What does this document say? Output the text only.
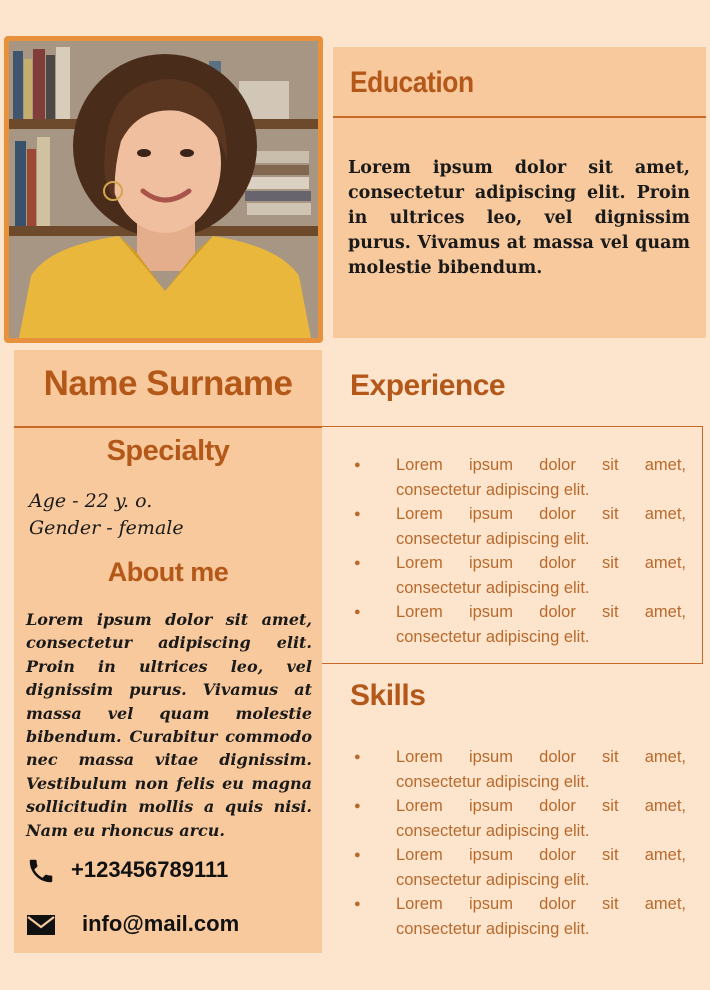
Education
Lorem ipsum dolor sit amet, consectetur adipiscing elit. Proin in ultrices leo, vel dignissim purus. Vivamus at massa vel quam molestie bibendum.
Name Surname
Specialty
Age - 22 y. o.
Gender - female
About me
Lorem ipsum dolor sit amet, consectetur adipiscing elit. Proin in ultrices leo, vel dignissim purus. Vivamus at massa vel quam molestie bibendum. Curabitur commodo nec massa vitae dignissim. Vestibulum non felis eu magna sollicitudin mollis a quis nisi. Nam eu rhoncus arcu.
+123456789111
info@mail.com
Experience
● Lorem ipsum dolor sit amet, consectetur adipiscing elit.
● Lorem ipsum dolor sit amet, consectetur adipiscing elit.
● Lorem ipsum dolor sit amet, consectetur adipiscing elit.
● Lorem ipsum dolor sit amet, consectetur adipiscing elit.
Skills
● Lorem ipsum dolor sit amet, consectetur adipiscing elit.
● Lorem ipsum dolor sit amet, consectetur adipiscing elit.
● Lorem ipsum dolor sit amet, consectetur adipiscing elit.
● Lorem ipsum dolor sit amet, consectetur adipiscing elit.
